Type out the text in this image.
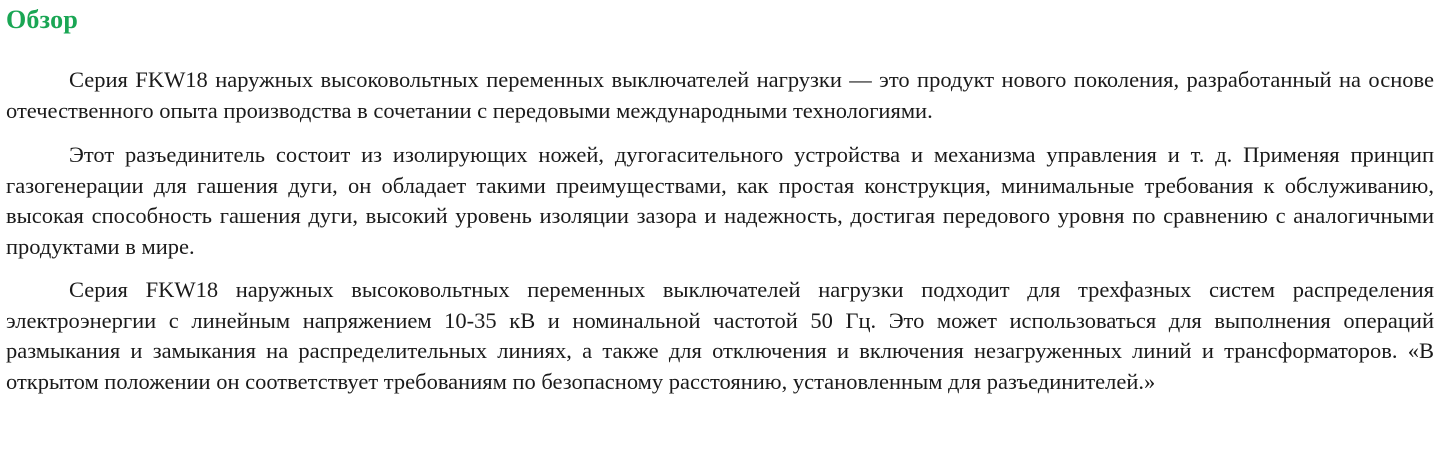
Обзор

Серия FKW18 наружных высоковольтных переменных выключателей нагрузки — это продукт нового поколения, разработанный на основе отечественного опыта производства в сочетании с передовыми международными технологиями.

Этот разъединитель состоит из изолирующих ножей, дугогасительного устройства и механизма управления и т. д. Применяя принцип газогенерации для гашения дуги, он обладает такими преимуществами, как простая конструкция, минимальные требования к обслуживанию, высокая способность гашения дуги, высокий уровень изоляции зазора и надежность, достигая передового уровня по сравнению с аналогичными продуктами в мире.

Серия FKW18 наружных высоковольтных переменных выключателей нагрузки подходит для трехфазных систем распределения электроэнергии с линейным напряжением 10-35 кВ и номинальной частотой 50 Гц. Это может использоваться для выполнения операций размыкания и замыкания на распределительных линиях, а также для отключения и включения незагруженных линий и трансформаторов. «В открытом положении он соответствует требованиям по безопасному расстоянию, установленным для разъединителей.»
